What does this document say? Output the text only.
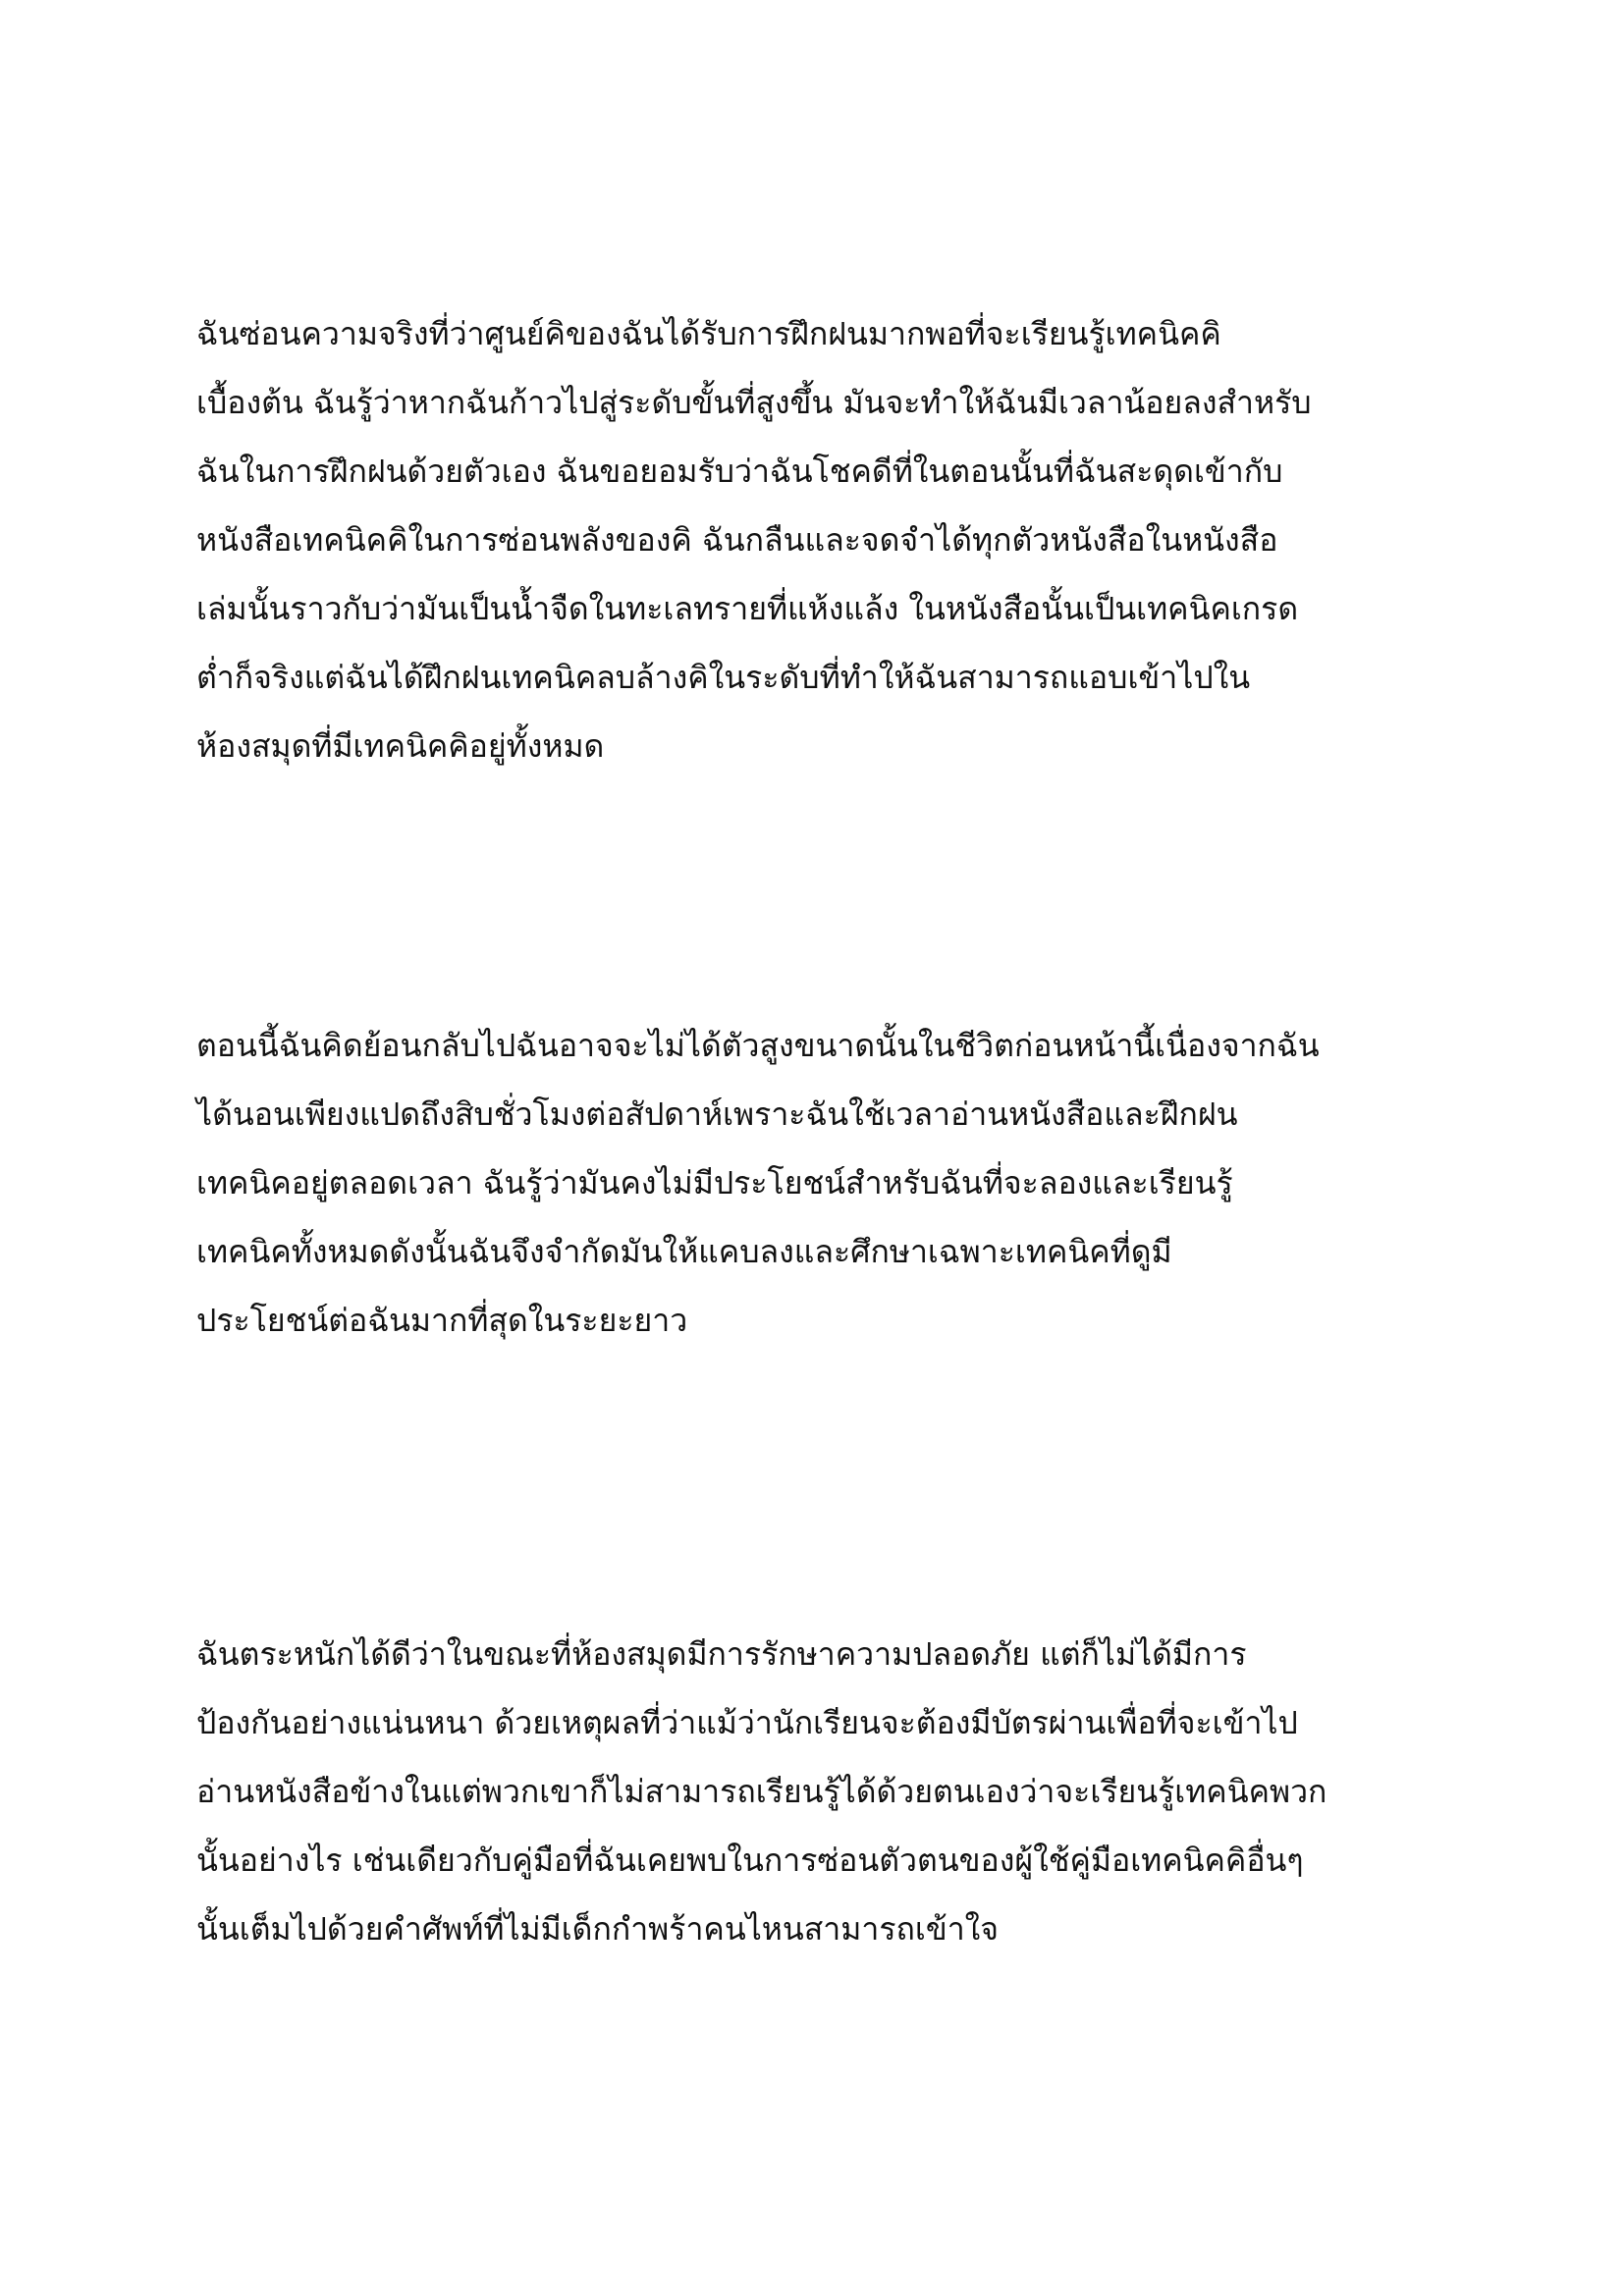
ฉันซ่อนความจริงที่ว่าศูนย์คิของฉันได้รับการฝึกฝนมากพอที่จะเรียนรู้เทคนิคคิ
เบื้องต้น ฉันรู้ว่าหากฉันก้าวไปสู่ระดับขั้นที่สูงขึ้น มันจะทำให้ฉันมีเวลาน้อยลงสำหรับ
ฉันในการฝึกฝนด้วยตัวเอง ฉันขอยอมรับว่าฉันโชคดีที่ในตอนนั้นที่ฉันสะดุดเข้ากับ
หนังสือเทคนิคคิในการซ่อนพลังของคิ ฉันกลืนและจดจำได้ทุกตัวหนังสือในหนังสือ
เล่มนั้นราวกับว่ามันเป็นน้ำจืดในทะเลทรายที่แห้งแล้ง ในหนังสือนั้นเป็นเทคนิคเกรด
ต่ำก็จริงแต่ฉันได้ฝึกฝนเทคนิคลบล้างคิในระดับที่ทำให้ฉันสามารถแอบเข้าไปใน
ห้องสมุดที่มีเทคนิคคิอยู่ทั้งหมด
ตอนนี้ฉันคิดย้อนกลับไปฉันอาจจะไม่ได้ตัวสูงขนาดนั้นในชีวิตก่อนหน้านี้เนื่องจากฉัน
ได้นอนเพียงแปดถึงสิบชั่วโมงต่อสัปดาห์เพราะฉันใช้เวลาอ่านหนังสือและฝึกฝน
เทคนิคอยู่ตลอดเวลา ฉันรู้ว่ามันคงไม่มีประโยชน์สำหรับฉันที่จะลองและเรียนรู้
เทคนิคทั้งหมดดังนั้นฉันจึงจำกัดมันให้แคบลงและศึกษาเฉพาะเทคนิคที่ดูมี
ประโยชน์ต่อฉันมากที่สุดในระยะยาว
ฉันตระหนักได้ดีว่าในขณะที่ห้องสมุดมีการรักษาความปลอดภัย แต่ก็ไม่ได้มีการ
ป้องกันอย่างแน่นหนา ด้วยเหตุผลที่ว่าแม้ว่านักเรียนจะต้องมีบัตรผ่านเพื่อที่จะเข้าไป
อ่านหนังสือข้างในแต่พวกเขาก็ไม่สามารถเรียนรู้ได้ด้วยตนเองว่าจะเรียนรู้เทคนิคพวก
นั้นอย่างไร เช่นเดียวกับคู่มือที่ฉันเคยพบในการซ่อนตัวตนของผู้ใช้คู่มือเทคนิคคิอื่นๆ
นั้นเต็มไปด้วยคำศัพท์ที่ไม่มีเด็กกำพร้าคนไหนสามารถเข้าใจ
